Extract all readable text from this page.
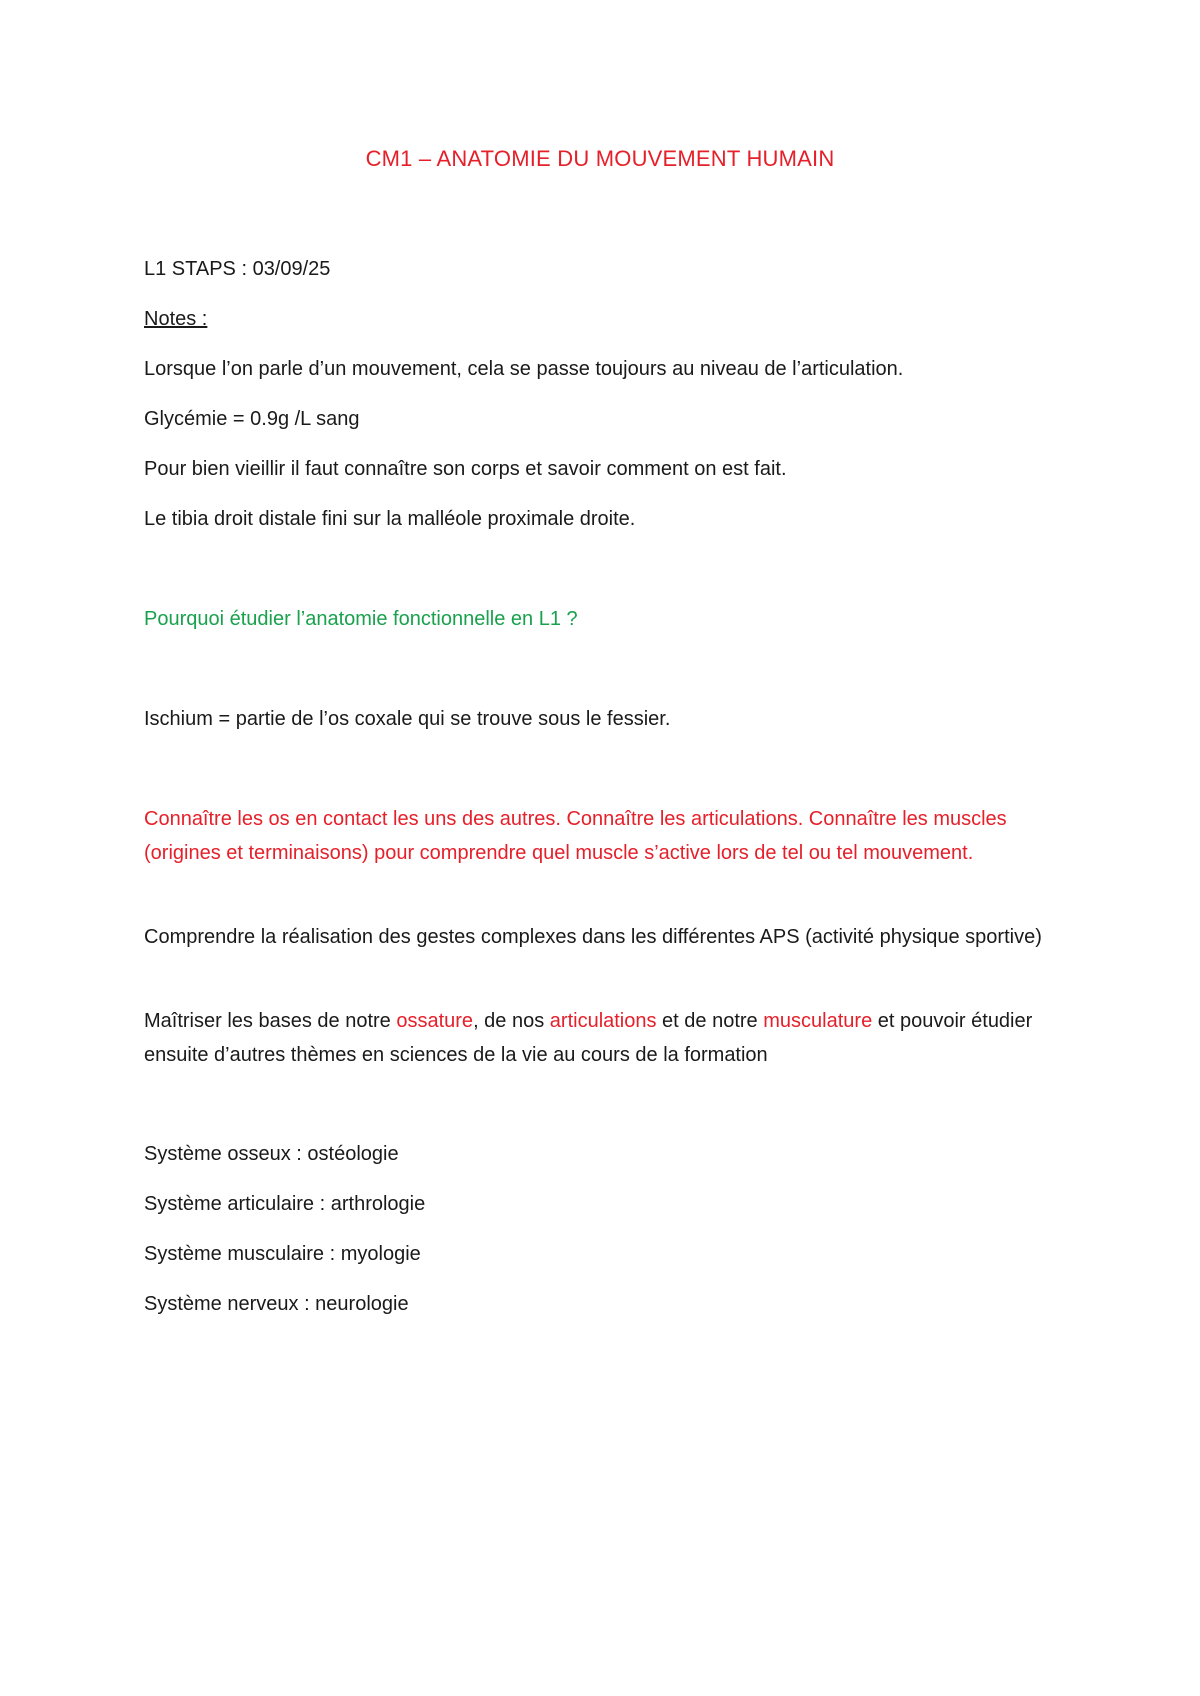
CM1 – ANATOMIE DU MOUVEMENT HUMAIN
L1 STAPS : 03/09/25
Notes :
Lorsque l’on parle d’un mouvement, cela se passe toujours au niveau de l’articulation.
Glycémie = 0.9g /L sang
Pour bien vieillir il faut connaître son corps et savoir comment on est fait.
Le tibia droit distale fini sur la malléole proximale droite.
Pourquoi étudier l’anatomie fonctionnelle en L1 ?
Ischium = partie de l’os coxale qui se trouve sous le fessier.
Connaître les os en contact les uns des autres. Connaître les articulations. Connaître les muscles (origines et terminaisons) pour comprendre quel muscle s’active lors de tel ou tel mouvement.
Comprendre la réalisation des gestes complexes dans les différentes APS (activité physique sportive)
Maîtriser les bases de notre ossature, de nos articulations et de notre musculature et pouvoir étudier ensuite d’autres thèmes en sciences de la vie au cours de la formation
Système osseux : ostéologie
Système articulaire : arthrologie
Système musculaire : myologie
Système nerveux : neurologie
